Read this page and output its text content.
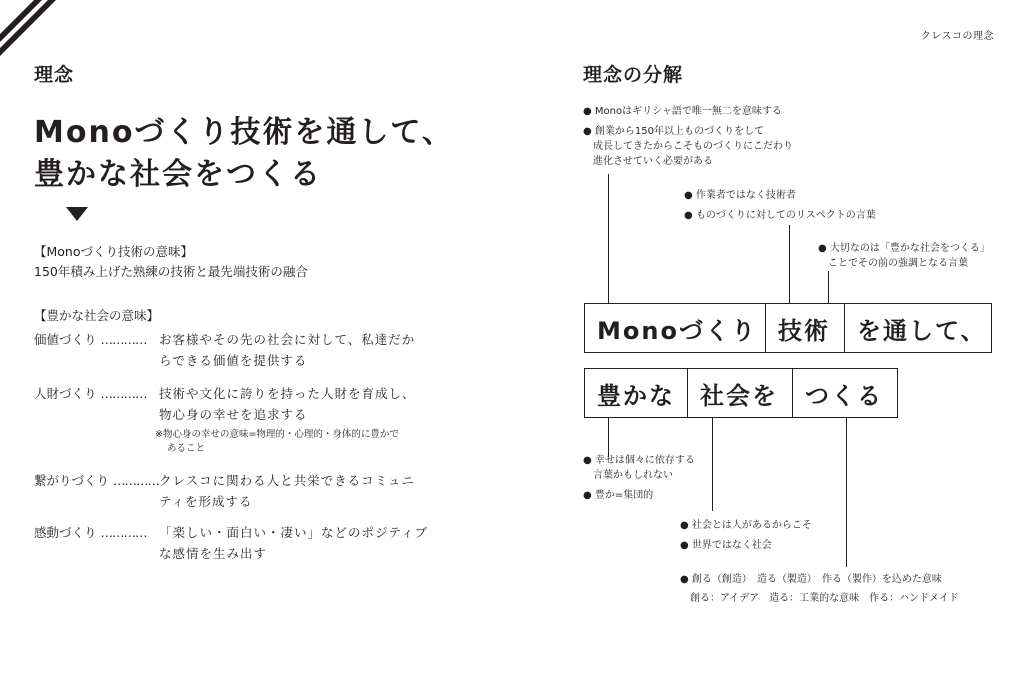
クレスコの理念
理念
Monoづくり技術を通して、
豊かな社会をつくる
【Monoづくり技術の意味】
150年積み上げた熟練の技術と最先端技術の融合
【豊かな社会の意味】
価値づくり …………	お客様やその先の社会に対して、私達だか
らできる価値を提供する
人財づくり …………	技術や文化に誇りを持った人財を育成し、
物心身の幸せを追求する
※物心身の幸せの意味=物理的・心理的・身体的に豊かで
あること
繋がりづくり ………… クレスコに関わる人と共栄できるコミュニ
ティを形成する
感動づくり …………	「楽しい・面白い・凄い」などのポジティブ
な感情を生み出す
理念の分解
● Monoはギリシャ語で唯一無二を意味する
● 創業から150年以上ものづくりをして
　成長してきたからこそものづくりにこだわり
　進化させていく必要がある
● 作業者ではなく技術者
● ものづくりに対してのリスペクトの言葉
● 大切なのは「豊かな社会をつくる」
　ことでその前の強調となる言葉
Monoづくり 技術	を通して、
豊かな	社会を	つくる
● 幸せは個々に依存する
　言葉かもしれない
● 豊か=集団的
● 社会とは人があるからこそ
● 世界ではなく社会
● 創る（創造）　造る（製造）　作る（製作）を込めた意味
　創る：アイデア　造る：工業的な意味　作る：ハンドメイド
